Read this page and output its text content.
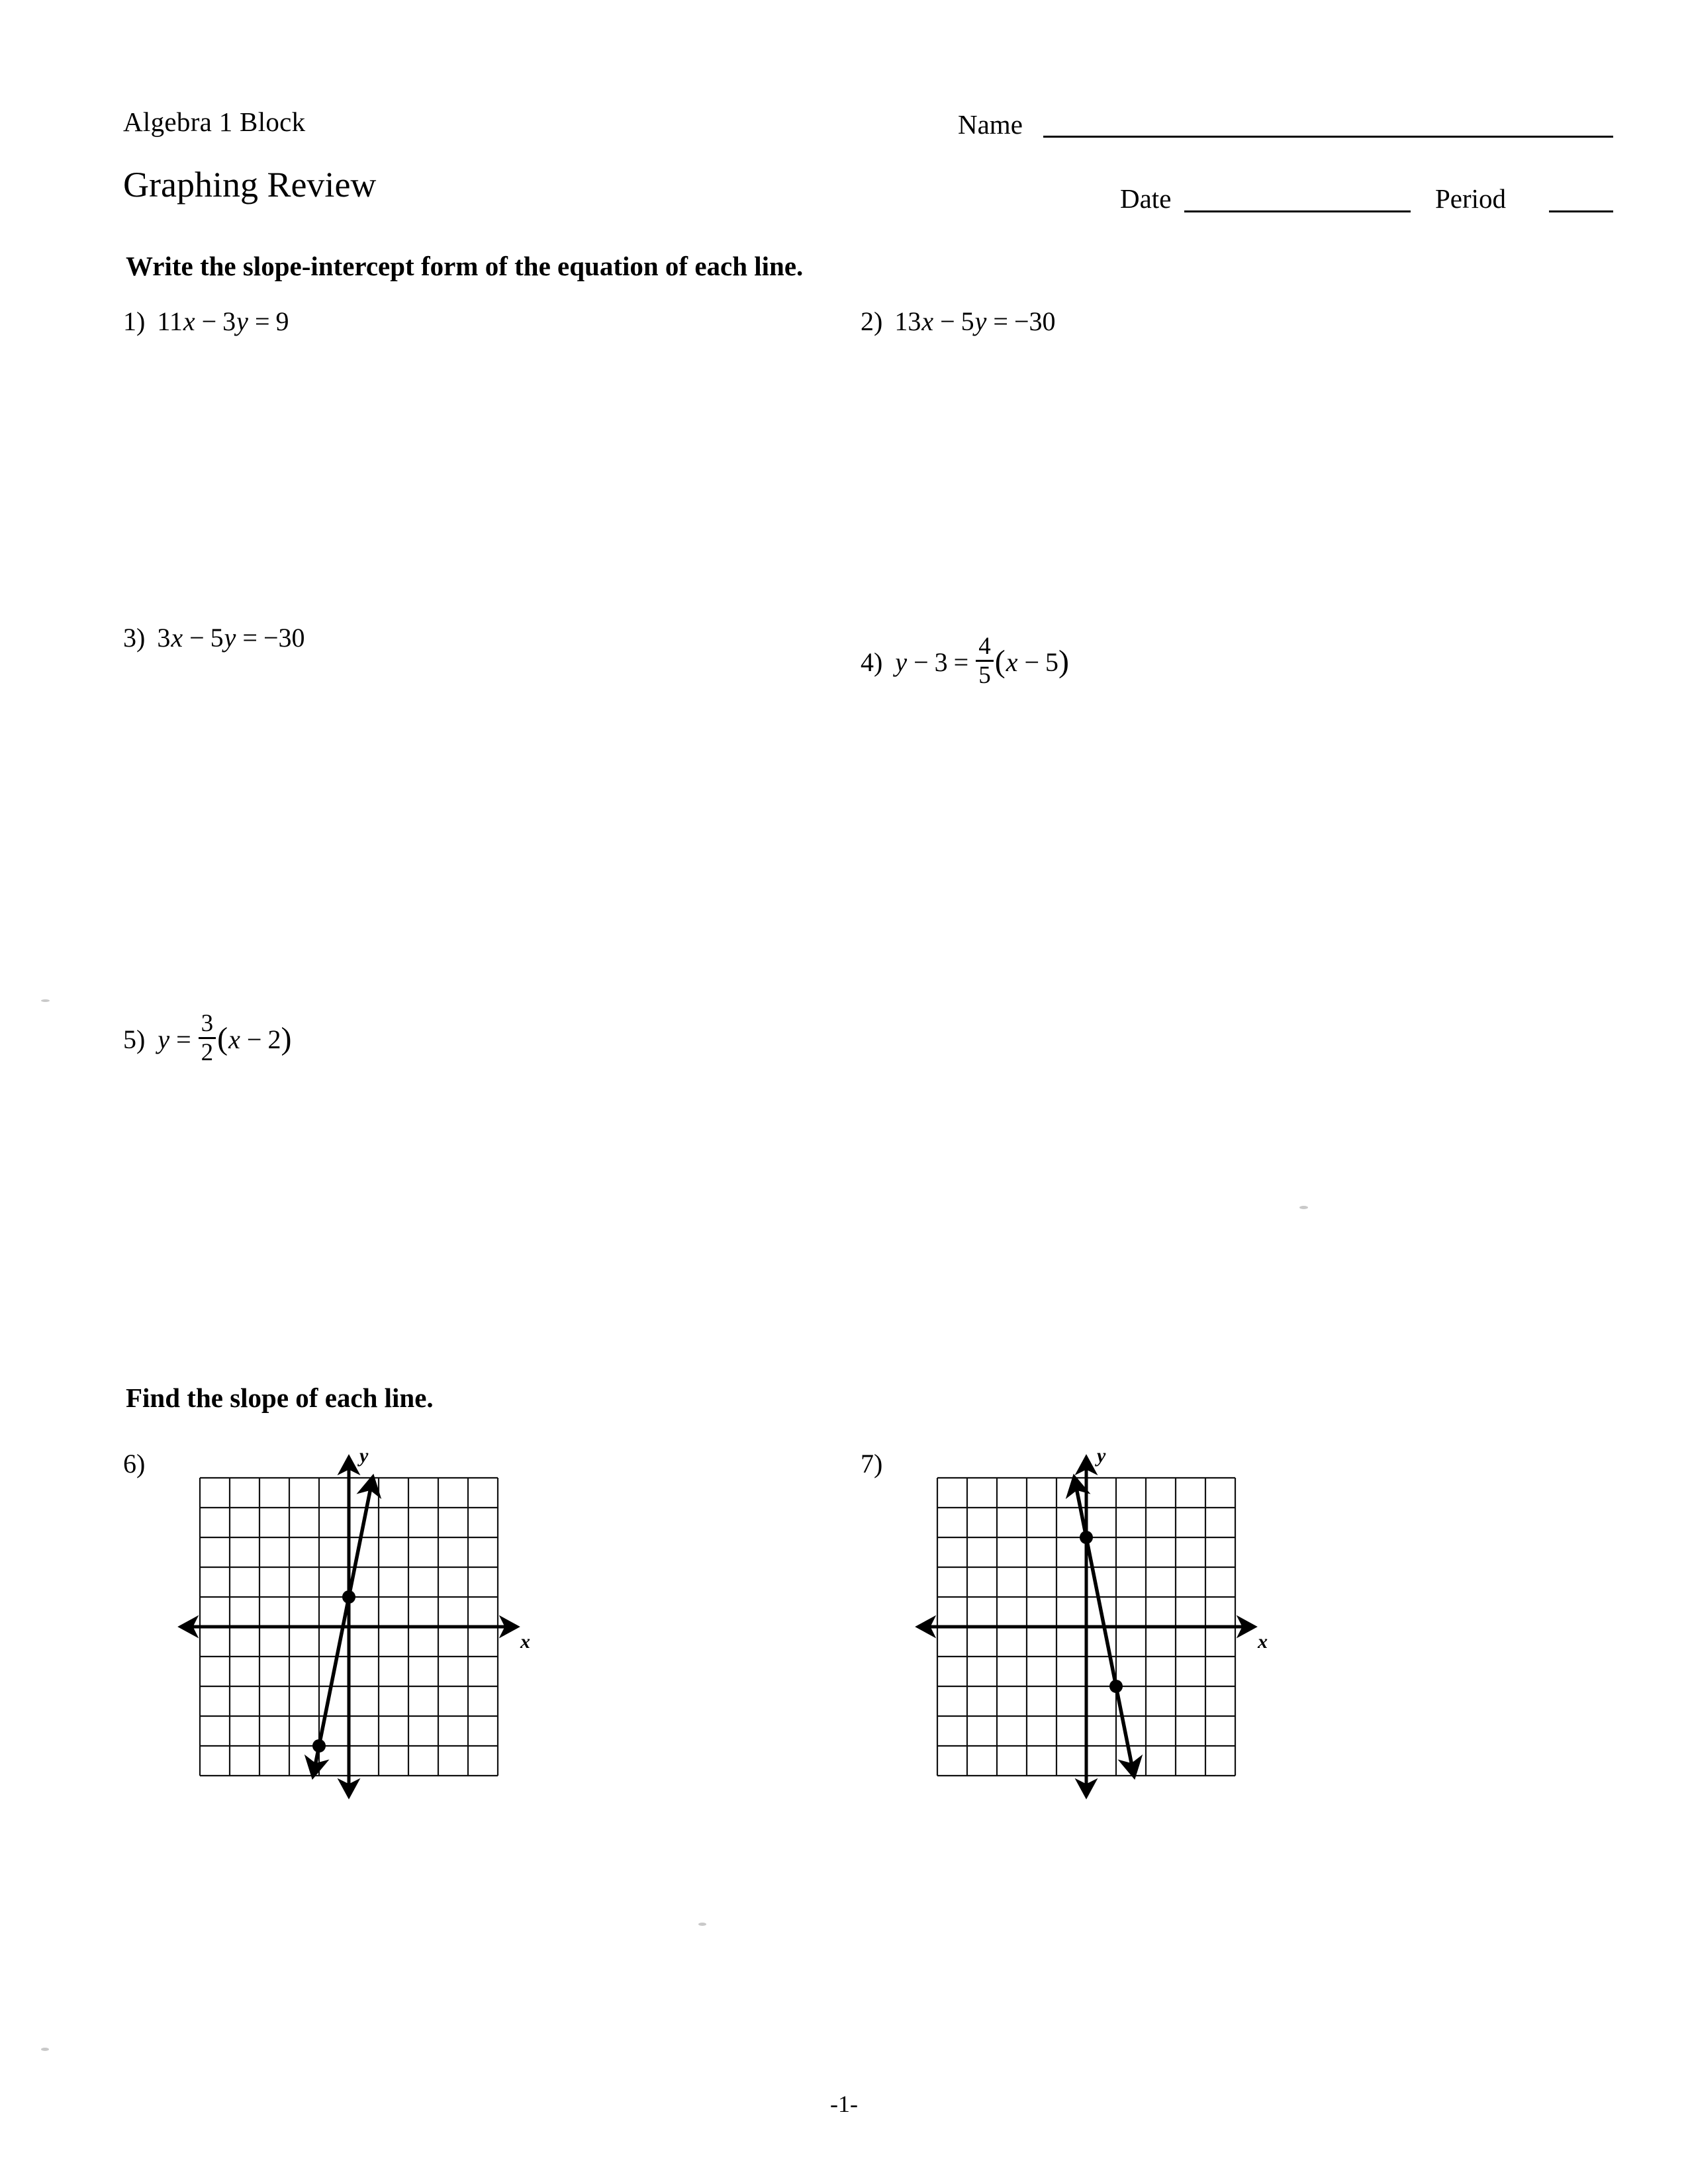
Algebra 1 Block
Graphing Review
Name
Date	Period
Write the slope-intercept form of the equation of each line.
1) 11 x − 3 y = 9	2) 13 x − 5 y = −30
3) 3 x − 5 y = −30
4) $y - 3 = \frac{4}{5}$ ( x − 5 )
5) $y = \frac{3}{2}$ ( x − 2 )
Find the slope of each line.
6)
x
y	7)
x
y
-1-
